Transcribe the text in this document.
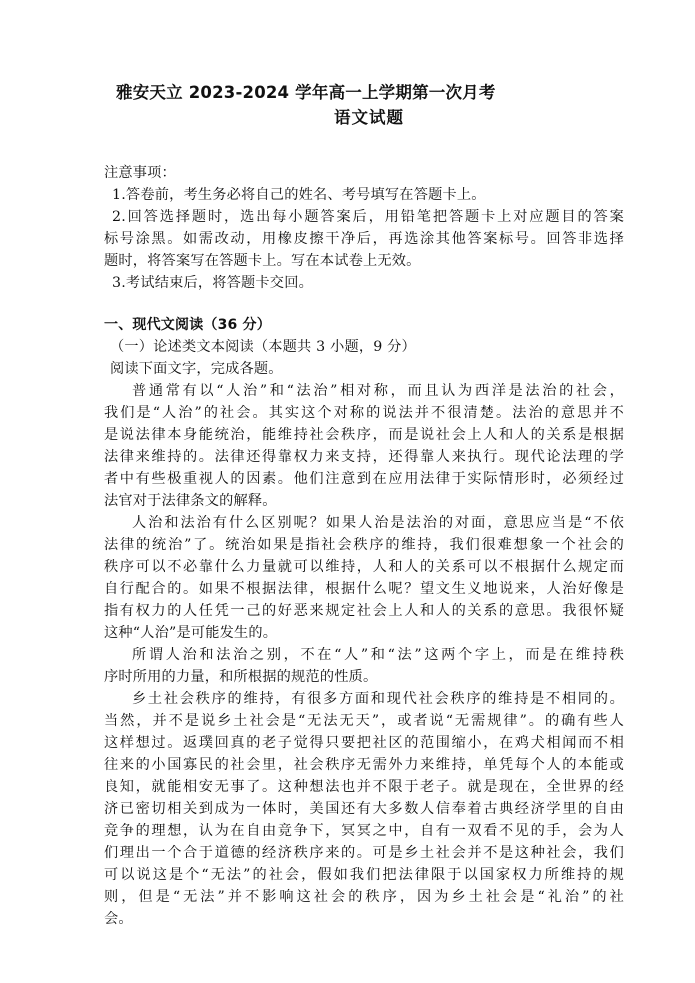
雅安天立 2023-2024 学年高一上学期第一次月考
语文试题

注意事项：

1.答卷前，考生务必将自己的姓名、考号填写在答题卡上。

2.回答选择题时，选出每小题答案后，用铅笔把答题卡上对应题目的答案

标号涂黑。如需改动，用橡皮擦干净后，再选涂其他答案标号。回答非选择

题时，将答案写在答题卡上。写在本试卷上无效。

3.考试结束后，将答题卡交回。

一、现代文阅读（36 分）

（一）论述类文本阅读（本题共 3 小题，9 分）

阅读下面文字，完成各题。

普通常有以“人治”和“法治”相对称，而且认为西洋是法治的社会，

我们是“人治”的社会。其实这个对称的说法并不很清楚。法治的意思并不

是说法律本身能统治，能维持社会秩序，而是说社会上人和人的关系是根据

法律来维持的。法律还得靠权力来支持，还得靠人来执行。现代论法理的学

者中有些极重视人的因素。他们注意到在应用法律于实际情形时，必须经过

法官对于法律条文的解释。

人治和法治有什么区别呢？如果人治是法治的对面，意思应当是“不依

法律的统治”了。统治如果是指社会秩序的维持，我们很难想象一个社会的

秩序可以不必靠什么力量就可以维持，人和人的关系可以不根据什么规定而

自行配合的。如果不根据法律，根据什么呢？望文生义地说来，人治好像是

指有权力的人任凭一己的好恶来规定社会上人和人的关系的意思。我很怀疑

这种“人治”是可能发生的。

所谓人治和法治之别，不在“人”和“法”这两个字上，而是在维持秩

序时所用的力量，和所根据的规范的性质。

乡土社会秩序的维持，有很多方面和现代社会秩序的维持是不相同的。

当然，并不是说乡土社会是“无法无天”，或者说“无需规律”。的确有些人

这样想过。返璞回真的老子觉得只要把社区的范围缩小，在鸡犬相闻而不相

往来的小国寡民的社会里，社会秩序无需外力来维持，单凭每个人的本能或

良知，就能相安无事了。这种想法也并不限于老子。就是现在，全世界的经

济已密切相关到成为一体时，美国还有大多数人信奉着古典经济学里的自由

竞争的理想，认为在自由竞争下，冥冥之中，自有一双看不见的手，会为人

们理出一个合于道德的经济秩序来的。可是乡土社会并不是这种社会，我们

可以说这是个“无法”的社会，假如我们把法律限于以国家权力所维持的规

则，但是“无法”并不影响这社会的秩序，因为乡土社会是“礼治”的社

会。
